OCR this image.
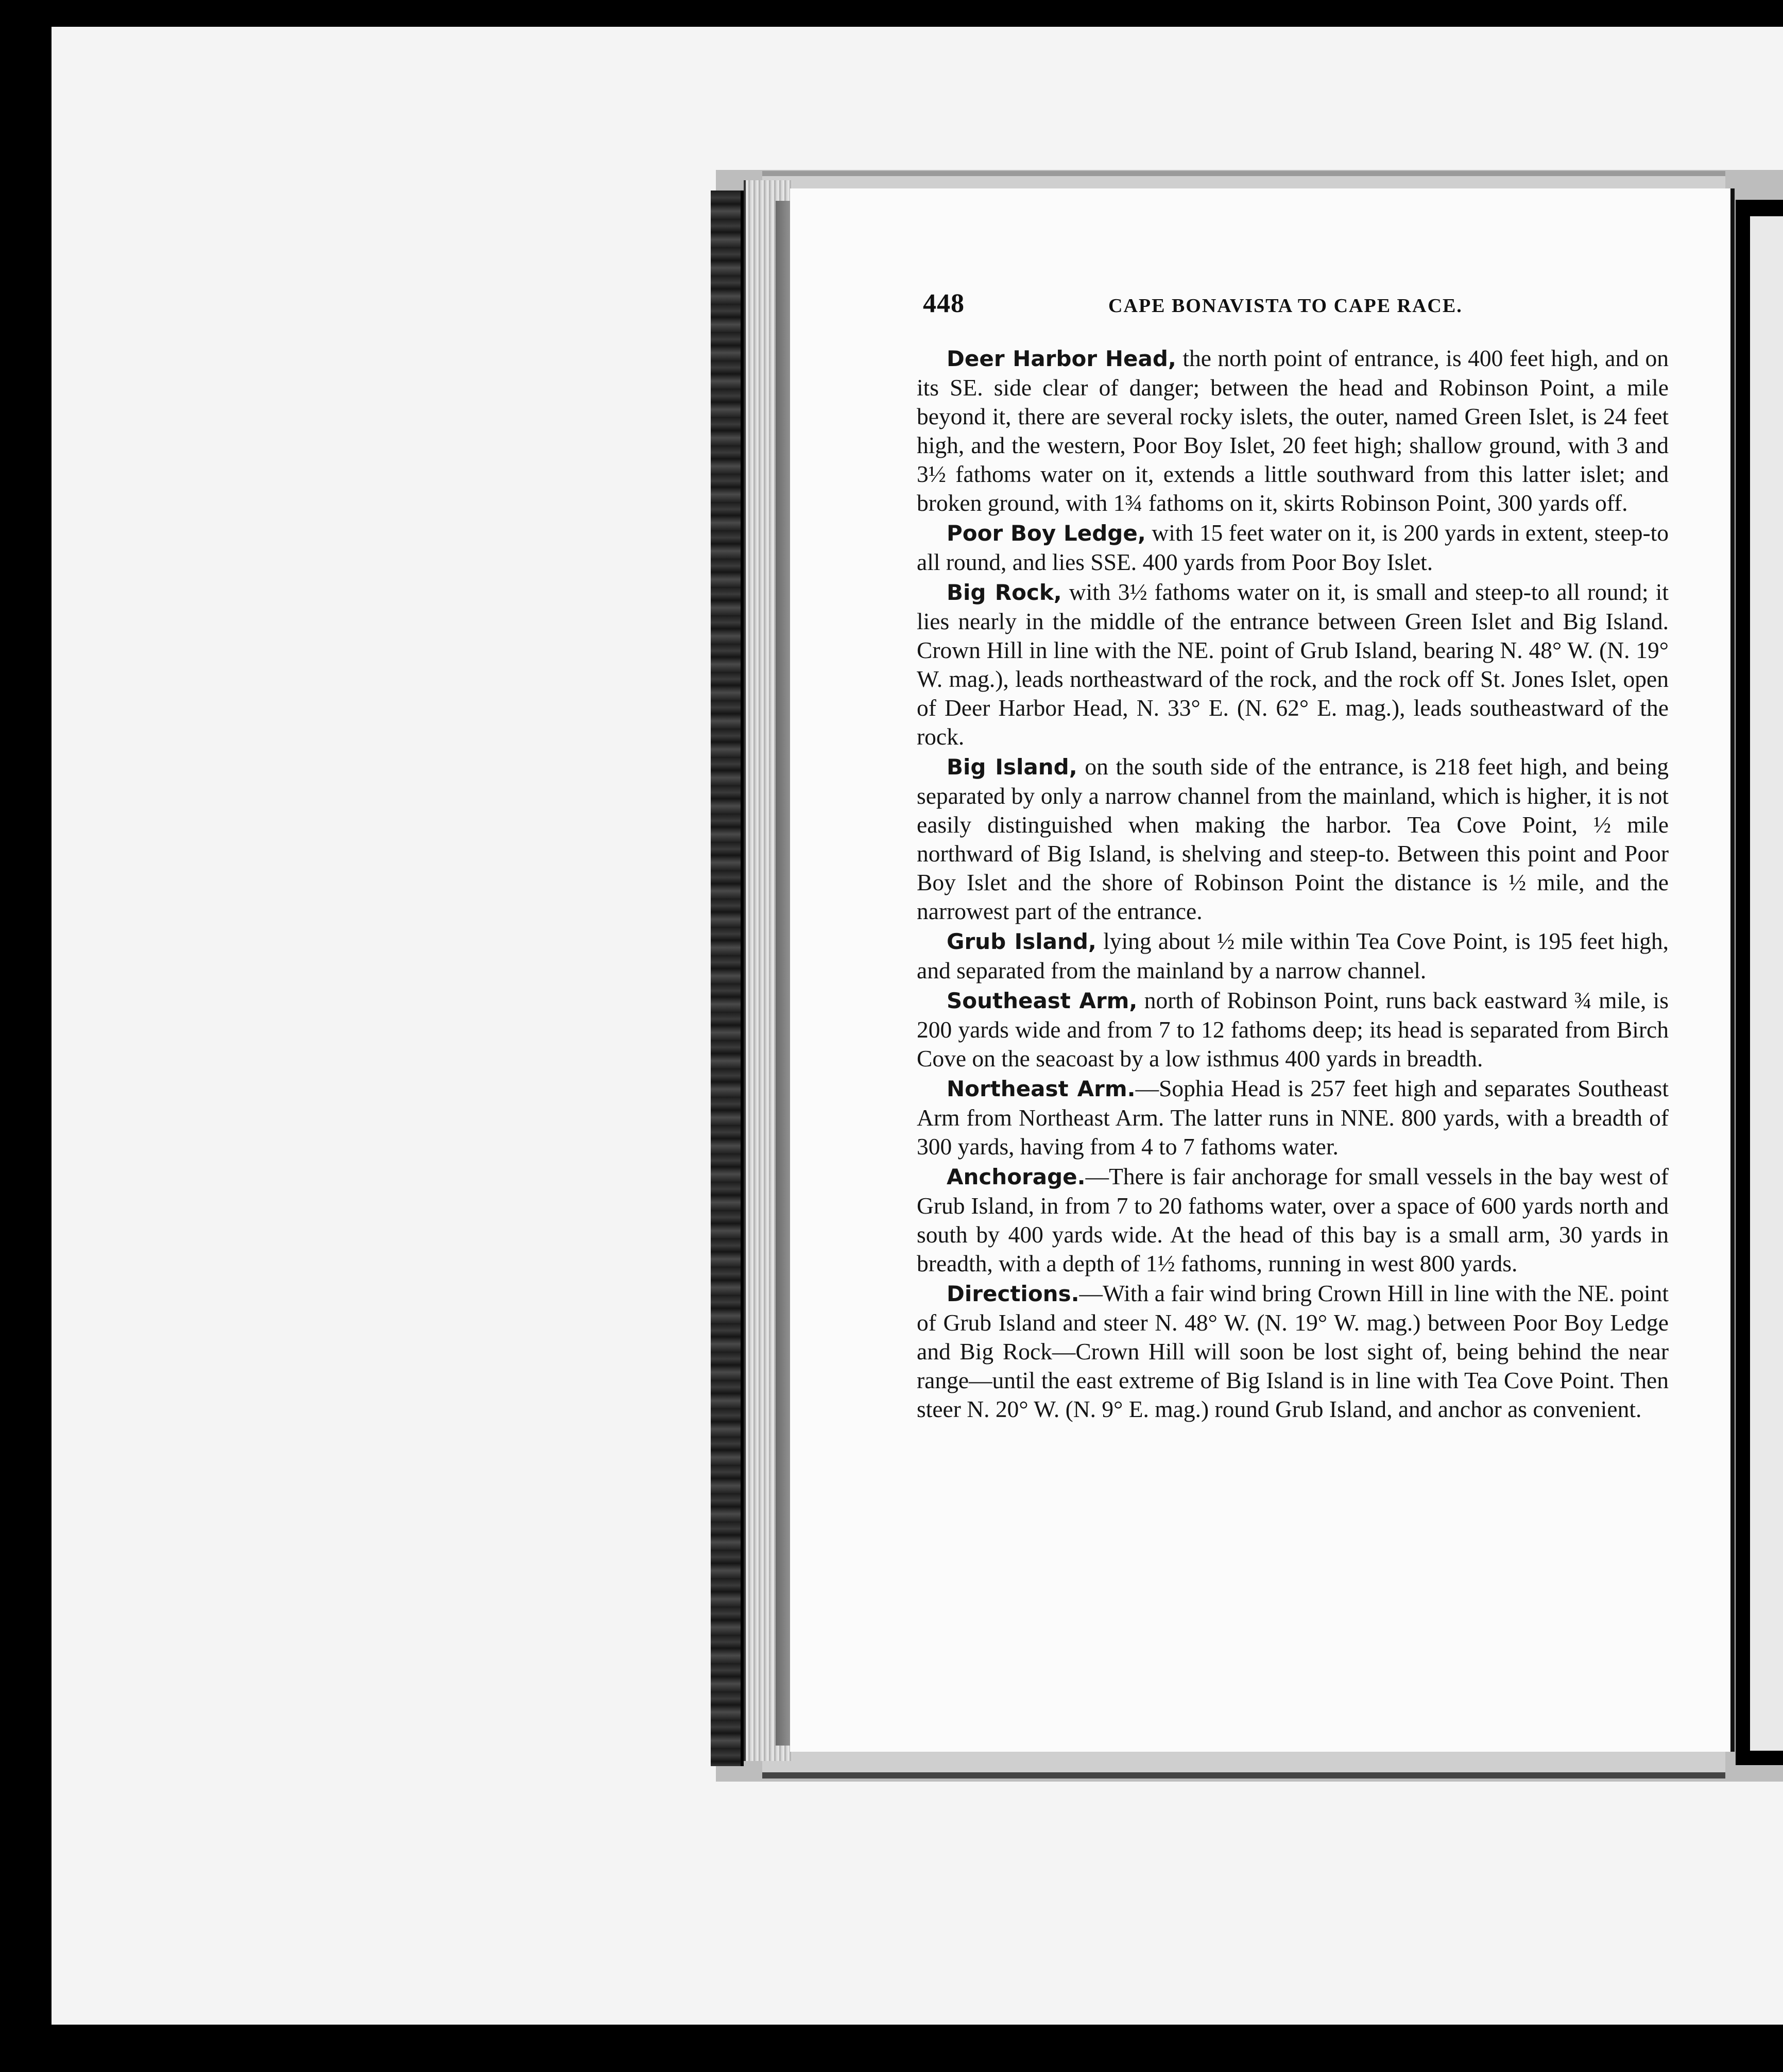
448	CAPE BONAVISTA TO CAPE RACE.

Deer Harbor Head, the north point of entrance, is 400 feet high, and on its SE. side clear of danger; between the head and Robinson Point, a mile beyond it, there are several rocky islets, the outer, named Green Islet, is 24 feet high, and the western, Poor Boy Islet, 20 feet high; shallow ground, with 3 and 3½ fathoms water on it, extends a little southward from this latter islet; and broken ground, with 1¾ fathoms on it, skirts Robinson Point, 300 yards off.

Poor Boy Ledge, with 15 feet water on it, is 200 yards in extent, steep-to all round, and lies SSE. 400 yards from Poor Boy Islet.

Big Rock, with 3½ fathoms water on it, is small and steep-to all round; it lies nearly in the middle of the entrance between Green Islet and Big Island. Crown Hill in line with the NE. point of Grub Island, bearing N. 48° W. (N. 19° W. mag.), leads northeastward of the rock, and the rock off St. Jones Islet, open of Deer Harbor Head, N. 33° E. (N. 62° E. mag.), leads southeastward of the rock.

Big Island, on the south side of the entrance, is 218 feet high, and being separated by only a narrow channel from the mainland, which is higher, it is not easily distinguished when making the harbor. Tea Cove Point, ½ mile northward of Big Island, is shelving and steep-to. Between this point and Poor Boy Islet and the shore of Robinson Point the distance is ½ mile, and the narrowest part of the entrance.

Grub Island, lying about ½ mile within Tea Cove Point, is 195 feet high, and separated from the mainland by a narrow channel.

Southeast Arm, north of Robinson Point, runs back eastward ¾ mile, is 200 yards wide and from 7 to 12 fathoms deep; its head is separated from Birch Cove on the seacoast by a low isthmus 400 yards in breadth.

Northeast Arm.—Sophia Head is 257 feet high and separates Southeast Arm from Northeast Arm. The latter runs in NNE. 800 yards, with a breadth of 300 yards, having from 4 to 7 fathoms water.

Anchorage.—There is fair anchorage for small vessels in the bay west of Grub Island, in from 7 to 20 fathoms water, over a space of 600 yards north and south by 400 yards wide. At the head of this bay is a small arm, 30 yards in breadth, with a depth of 1½ fathoms, running in west 800 yards.

Directions.—With a fair wind bring Crown Hill in line with the NE. point of Grub Island and steer N. 48° W. (N. 19° W. mag.) between Poor Boy Ledge and Big Rock—Crown Hill will soon be lost sight of, being behind the near range—until the east extreme of Big Island is in line with Tea Cove Point. Then steer N. 20° W. (N. 9° E. mag.) round Grub Island, and anchor as convenient.
